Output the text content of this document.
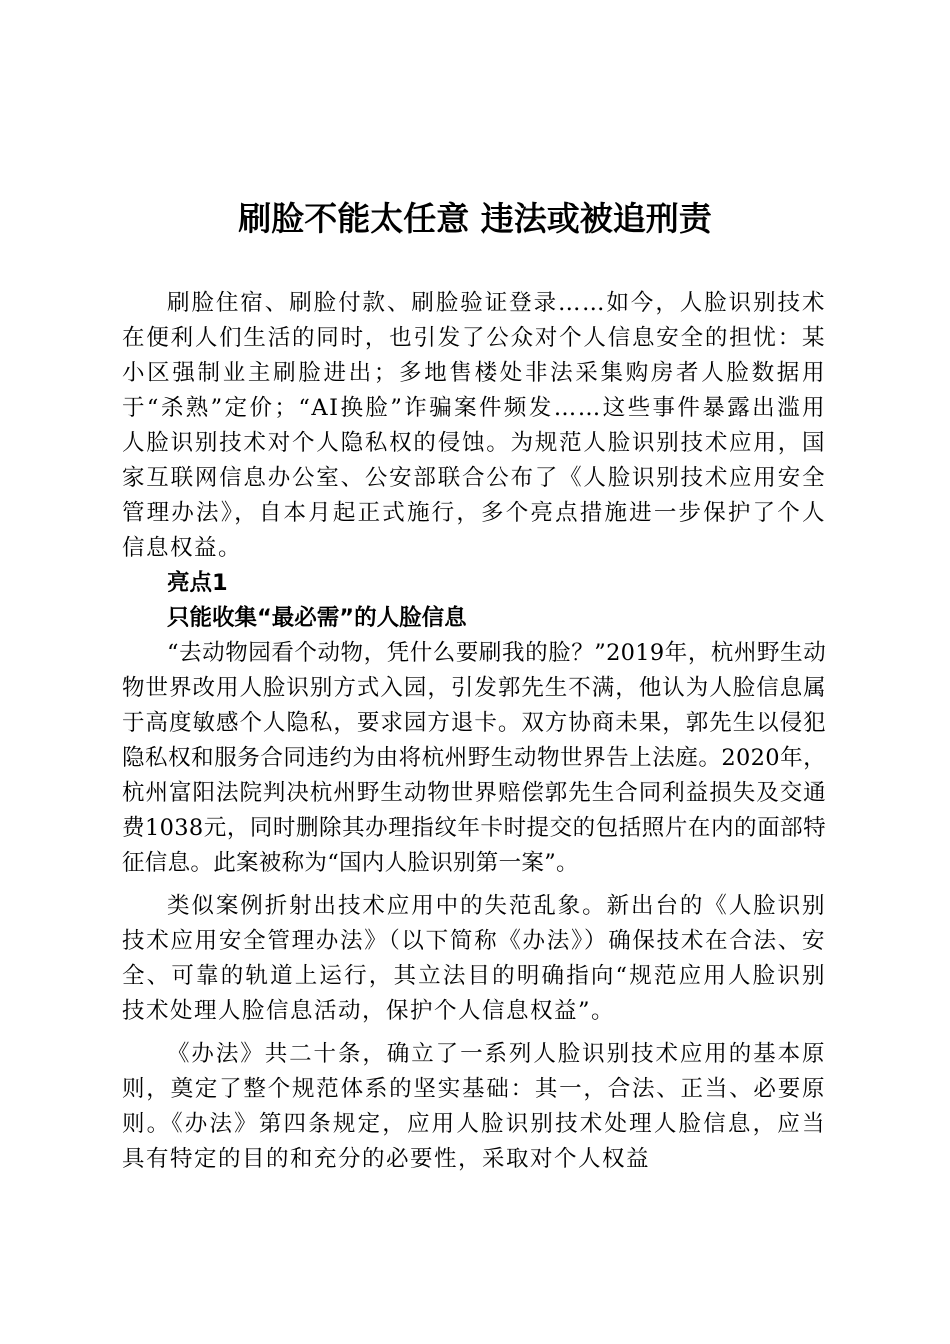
刷脸不能太任意 违法或被追刑责

刷脸住宿、刷脸付款、刷脸验证登录……如今，人脸识别技术在便利人们生活的同时，也引发了公众对个人信息安全的担忧：某小区强制业主刷脸进出；多地售楼处非法采集购房者人脸数据用于“杀熟”定价；“AI换脸”诈骗案件频发……这些事件暴露出滥用人脸识别技术对个人隐私权的侵蚀。为规范人脸识别技术应用，国家互联网信息办公室、公安部联合公布了《人脸识别技术应用安全管理办法》，自本月起正式施行，多个亮点措施进一步保护了个人信息权益。

亮点1

只能收集“最必需”的人脸信息

“去动物园看个动物，凭什么要刷我的脸？”2019年，杭州野生动物世界改用人脸识别方式入园，引发郭先生不满，他认为人脸信息属于高度敏感个人隐私，要求园方退卡。双方协商未果，郭先生以侵犯隐私权和服务合同违约为由将杭州野生动物世界告上法庭。2020年，杭州富阳法院判决杭州野生动物世界赔偿郭先生合同利益损失及交通费1038元，同时删除其办理指纹年卡时提交的包括照片在内的面部特征信息。此案被称为“国内人脸识别第一案”。

类似案例折射出技术应用中的失范乱象。新出台的《人脸识别技术应用安全管理办法》（以下简称《办法》）确保技术在合法、安全、可靠的轨道上运行，其立法目的明确指向“规范应用人脸识别技术处理人脸信息活动，保护个人信息权益”。

《办法》共二十条，确立了一系列人脸识别技术应用的基本原则，奠定了整个规范体系的坚实基础：其一，合法、正当、必要原则。《办法》第四条规定，应用人脸识别技术处理人脸信息，应当具有特定的目的和充分的必要性，采取对个人权益
